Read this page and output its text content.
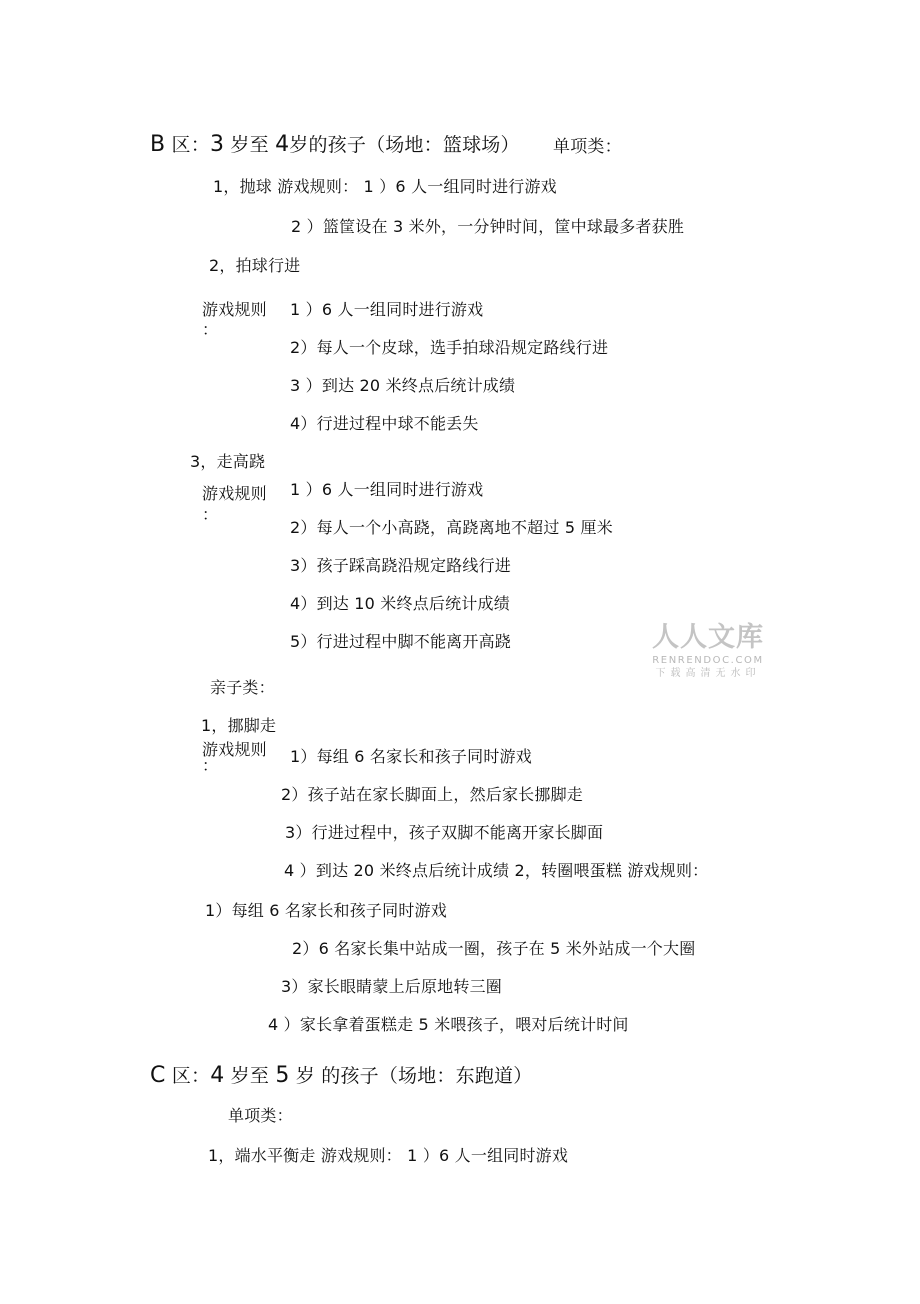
B 区：3 岁至 4岁的孩子（场地：篮球场） 单项类：
1，抛球 游戏规则： 1 ）6 人一组同时进行游戏
2 ）篮筐设在 3 米外，一分钟时间，筐中球最多者获胜
2，拍球行进
游戏规则
：
1 ）6 人一组同时进行游戏
2）每人一个皮球，选手拍球沿规定路线行进
3 ）到达 20 米终点后统计成绩
4）行进过程中球不能丢失
3，走高跷
游戏规则
：
1 ）6 人一组同时进行游戏
2）每人一个小高跷，高跷离地不超过 5 厘米
3）孩子踩高跷沿规定路线行进
4）到达 10 米终点后统计成绩
5）行进过程中脚不能离开高跷
亲子类：
1，挪脚走
游戏规则
：	1）每组 6 名家长和孩子同时游戏
2）孩子站在家长脚面上，然后家长挪脚走
3）行进过程中，孩子双脚不能离开家长脚面
4 ）到达 20 米终点后统计成绩 2，转圈喂蛋糕 游戏规则：
1）每组 6 名家长和孩子同时游戏
2）6 名家长集中站成一圈，孩子在 5 米外站成一个大圈
3）家长眼睛蒙上后原地转三圈
4 ）家长拿着蛋糕走 5 米喂孩子，喂对后统计时间
C 区：4 岁至 5 岁 的孩子（场地：东跑道）
单项类：
1，端水平衡走 游戏规则： 1 ）6 人一组同时游戏
人人文库
RENRENDOC.COM
下载高清无水印
